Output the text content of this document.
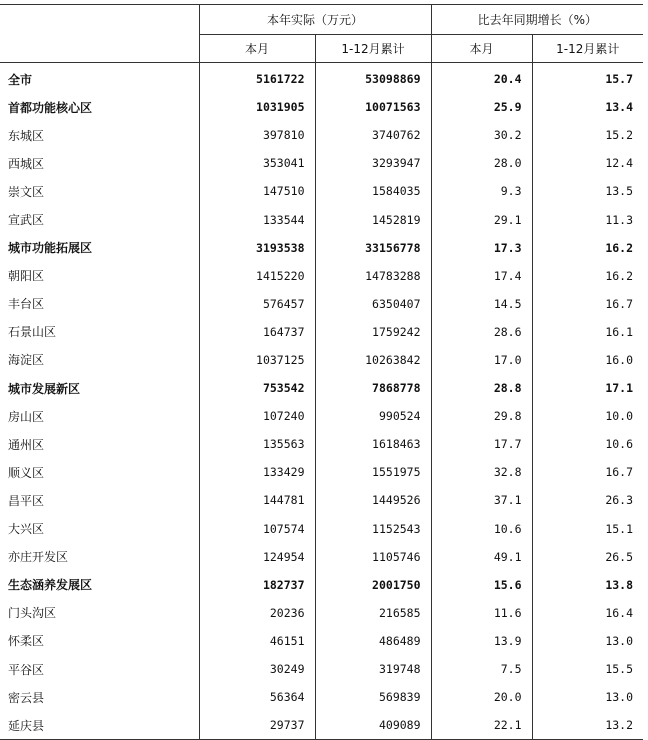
	本年实际（万元）		比去年同期增长（%）	
	本月	1-12月累计	本月	1-12月累计
全市	5161722	53098869	20.4	15.7
首都功能核心区	1031905	10071563	25.9	13.4
东城区	397810	3740762	30.2	15.2
西城区	353041	3293947	28.0	12.4
崇文区	147510	1584035	9.3	13.5
宣武区	133544	1452819	29.1	11.3
城市功能拓展区	3193538	33156778	17.3	16.2
朝阳区	1415220	14783288	17.4	16.2
丰台区	576457	6350407	14.5	16.7
石景山区	164737	1759242	28.6	16.1
海淀区	1037125	10263842	17.0	16.0
城市发展新区	753542	7868778	28.8	17.1
房山区	107240	990524	29.8	10.0
通州区	135563	1618463	17.7	10.6
顺义区	133429	1551975	32.8	16.7
昌平区	144781	1449526	37.1	26.3
大兴区	107574	1152543	10.6	15.1
亦庄开发区	124954	1105746	49.1	26.5
生态涵养发展区	182737	2001750	15.6	13.8
门头沟区	20236	216585	11.6	16.4
怀柔区	46151	486489	13.9	13.0
平谷区	30249	319748	7.5	15.5
密云县	56364	569839	20.0	13.0
延庆县	29737	409089	22.1	13.2
